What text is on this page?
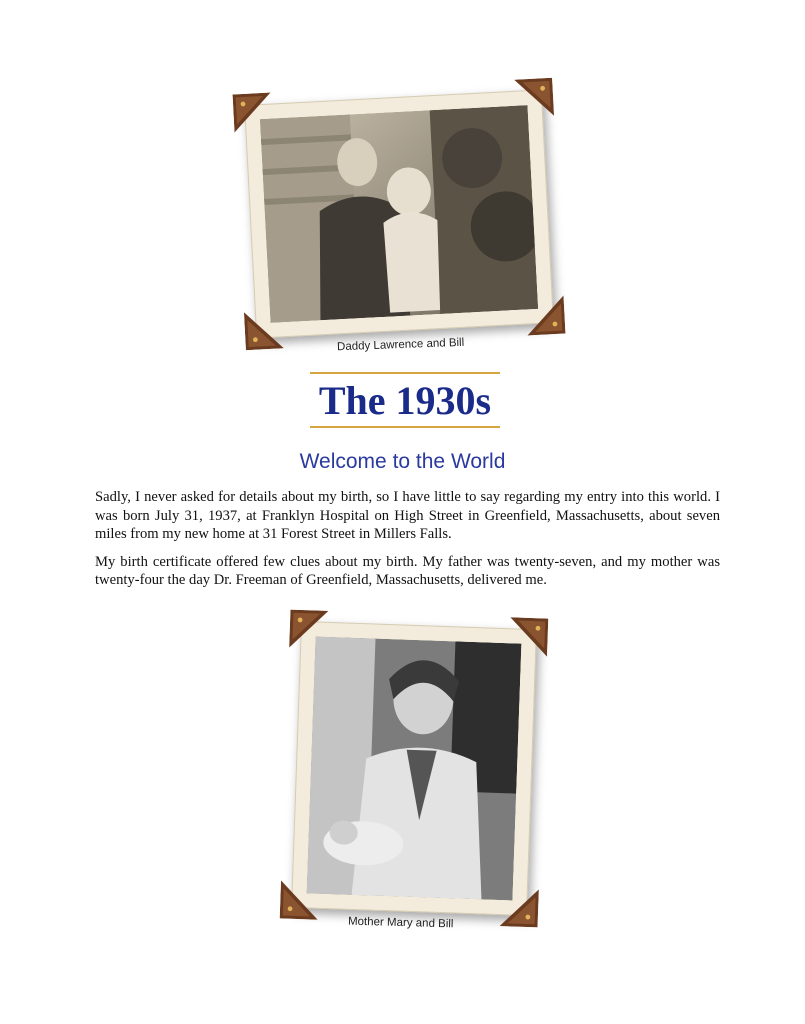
Daddy Lawrence and Bill
The 1930s
Welcome to the World

Sadly, I never asked for details about my birth, so I have little to say regarding my entry into this world. I was born July 31, 1937, at Franklyn Hospital on High Street in Greenfield, Massachusetts, about seven miles from my new home at 31 Forest Street in Millers Falls.

My birth certificate offered few clues about my birth. My father was twenty-seven, and my mother was twenty-four the day Dr. Freeman of Greenfield, Massachusetts, delivered me.

Mother Mary and Bill
